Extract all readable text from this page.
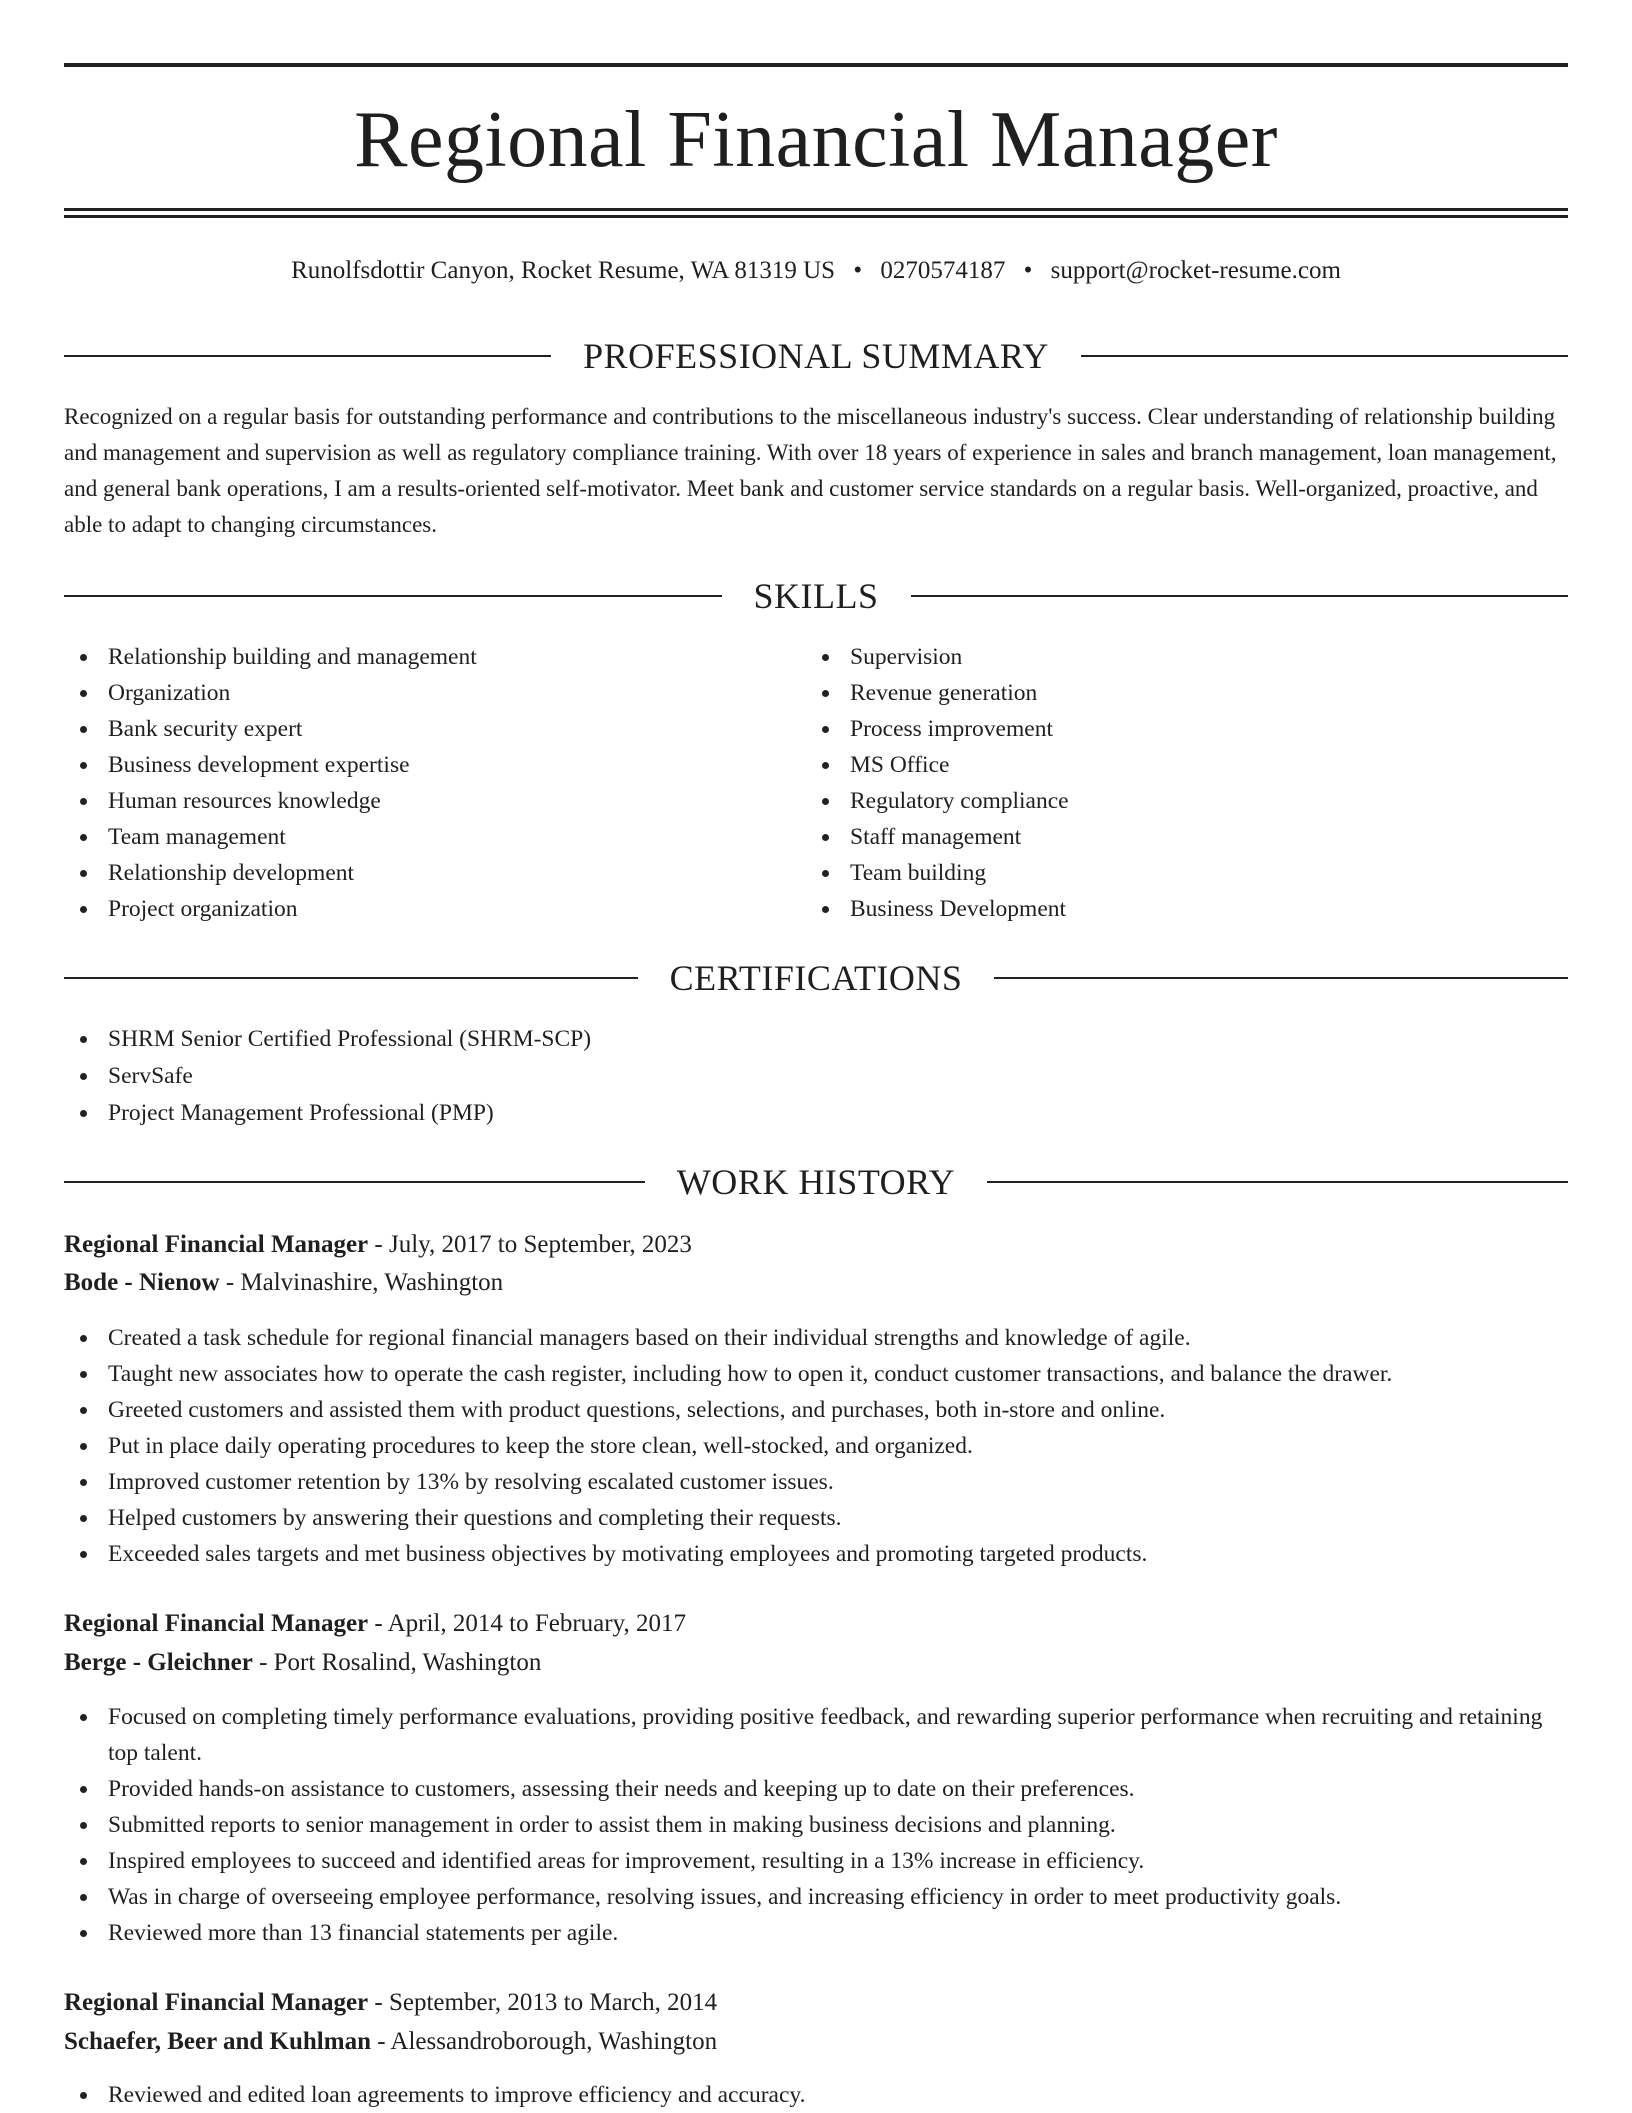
Regional Financial Manager
Runolfsdottir Canyon, Rocket Resume, WA 81319 US • 0270574187 • support@rocket-resume.com
PROFESSIONAL SUMMARY

Recognized on a regular basis for outstanding performance and contributions to the miscellaneous industry's success. Clear understanding of relationship building and management and supervision as well as regulatory compliance training. With over 18 years of experience in sales and branch management, loan management, and general bank operations, I am a results-oriented self-motivator. Meet bank and customer service standards on a regular basis. Well-organized, proactive, and able to adapt to changing circumstances.

SKILLS
Relationship building and management
Organization
Bank security expert
Business development expertise
Human resources knowledge
Team management
Relationship development
Project organization
Supervision
Revenue generation
Process improvement
MS Office
Regulatory compliance
Staff management
Team building
Business Development
CERTIFICATIONS
SHRM Senior Certified Professional (SHRM-SCP)
ServSafe
Project Management Professional (PMP)
WORK HISTORY
Regional Financial Manager - July, 2017 to September, 2023
Bode - Nienow - Malvinashire, Washington
Created a task schedule for regional financial managers based on their individual strengths and knowledge of agile.
Taught new associates how to operate the cash register, including how to open it, conduct customer transactions, and balance the drawer.
Greeted customers and assisted them with product questions, selections, and purchases, both in-store and online.
Put in place daily operating procedures to keep the store clean, well-stocked, and organized.
Improved customer retention by 13% by resolving escalated customer issues.
Helped customers by answering their questions and completing their requests.
Exceeded sales targets and met business objectives by motivating employees and promoting targeted products.
Regional Financial Manager - April, 2014 to February, 2017
Berge - Gleichner - Port Rosalind, Washington
Focused on completing timely performance evaluations, providing positive feedback, and rewarding superior performance when recruiting and retaining top talent.
Provided hands-on assistance to customers, assessing their needs and keeping up to date on their preferences.
Submitted reports to senior management in order to assist them in making business decisions and planning.
Inspired employees to succeed and identified areas for improvement, resulting in a 13% increase in efficiency.
Was in charge of overseeing employee performance, resolving issues, and increasing efficiency in order to meet productivity goals.
Reviewed more than 13 financial statements per agile.
Regional Financial Manager - September, 2013 to March, 2014
Schaefer, Beer and Kuhlman - Alessandroborough, Washington
Reviewed and edited loan agreements to improve efficiency and accuracy.
